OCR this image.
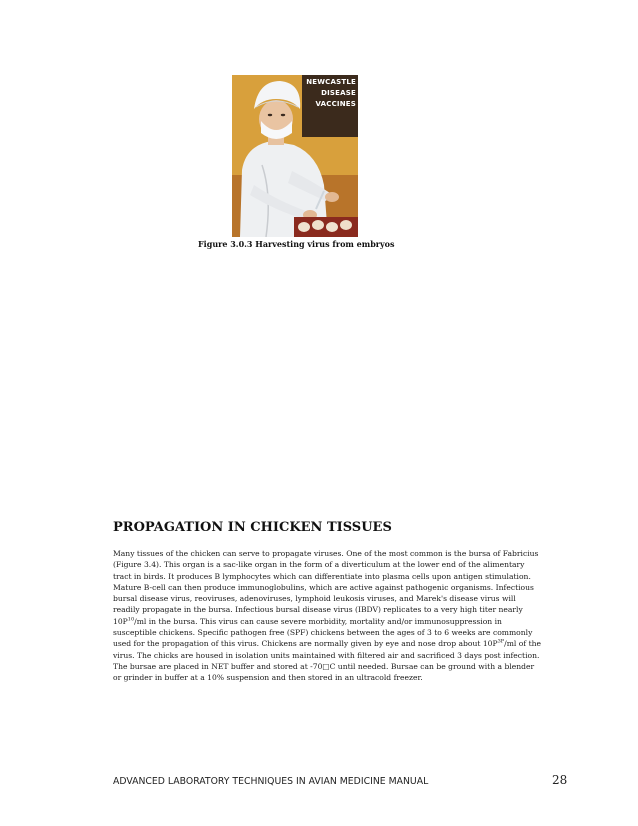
NEWCASTLE
DISEASE
VACCINES
Figure 3.0.3 Harvesting virus from embryos
PROPAGATION IN CHICKEN TISSUES

Many tissues of the chicken can serve to propagate viruses. One of the most common is the bursa of Fabricius (Figure 3.4). This organ is a sac-like organ in the form of a diverticulum at the lower end of the alimentary tract in birds. It produces B lymphocytes which can differentiate into plasma cells upon antigen stimulation. Mature B-cell can then produce immunoglobulins, which are active against pathogenic organisms. Infectious bursal disease virus, reoviruses, adenoviruses, lymphoid leukosis viruses, and Marek's disease virus will readily propagate in the bursa. Infectious bursal disease virus (IBDV) replicates to a very high titer nearly $10P^{10}/ml$ in the bursa. This virus can cause severe morbidity, mortality and/or immunosuppression in susceptible chickens. Specific pathogen free (SPF) chickens between the ages of 3 to 6 weeks are commonly used for the propagation of this virus. Chickens are normally given by eye and nose drop about $10P^{3P}/ml$ of the virus. The chicks are housed in isolation units maintained with filtered air and sacrificed 3 days post infection. The bursae are placed in NET buffer and stored at -70□C until needed. Bursae can be ground with a blender or grinder in buffer at a 10% suspension and then stored in an ultracold freezer.

ADVANCED LABORATORY TECHNIQUES IN AVIAN MEDICINE MANUAL	28
